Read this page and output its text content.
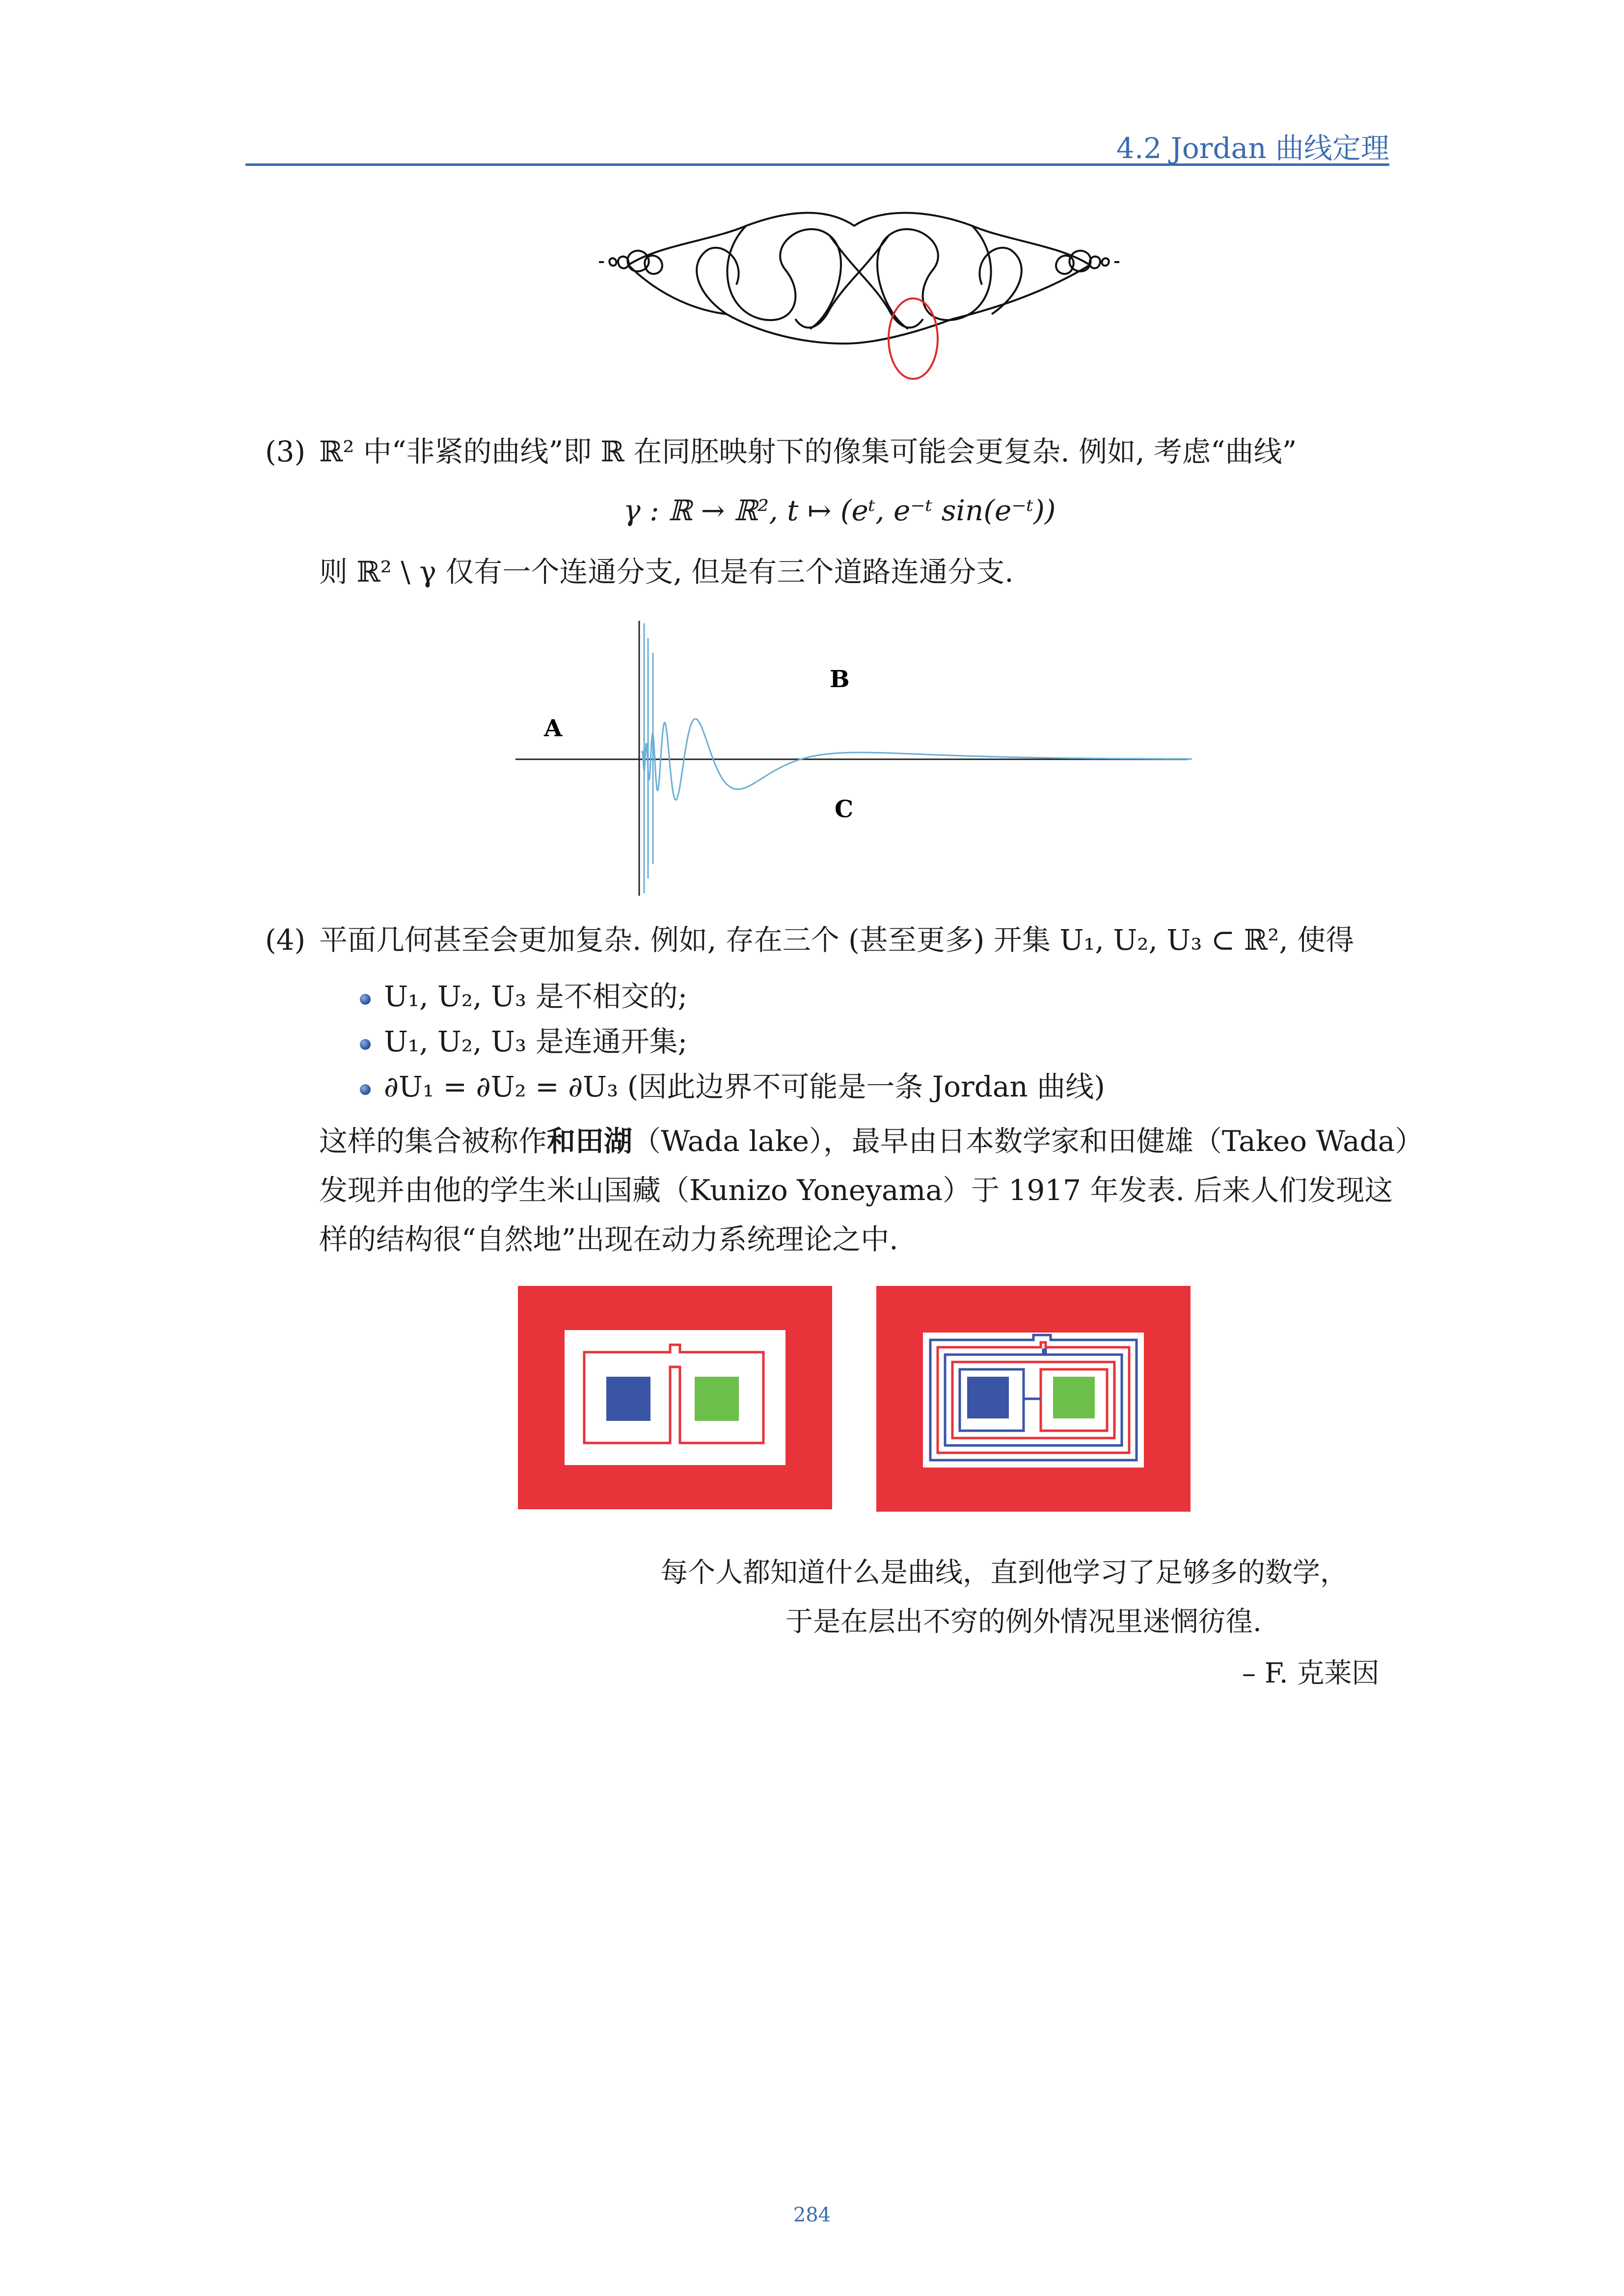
4.2 Jordan 曲线定理
(3) ℝ² 中“非紧的曲线”即 ℝ 在同胚映射下的像集可能会更复杂. 例如, 考虑“曲线”
γ : ℝ → ℝ², t ↦ (eᵗ, e⁻ᵗ sin(e⁻ᵗ))
则 ℝ² \ γ 仅有一个连通分支, 但是有三个道路连通分支.
A
B
C
(4) 平面几何甚至会更加复杂. 例如, 存在三个 (甚至更多) 开集 U₁, U₂, U₃ ⊂ ℝ², 使得
U₁, U₂, U₃ 是不相交的;
U₁, U₂, U₃ 是连通开集;
∂U₁ = ∂U₂ = ∂U₃ (因此边界不可能是一条 Jordan 曲线)
这样的集合被称作和田湖（Wada lake），最早由日本数学家和田健雄（Takeo Wada）
发现并由他的学生米山国藏（Kunizo Yoneyama）于 1917 年发表. 后来人们发现这
样的结构很“自然地”出现在动力系统理论之中.
每个人都知道什么是曲线，直到他学习了足够多的数学，
于是在层出不穷的例外情况里迷惘彷徨.
– F. 克莱因
284
